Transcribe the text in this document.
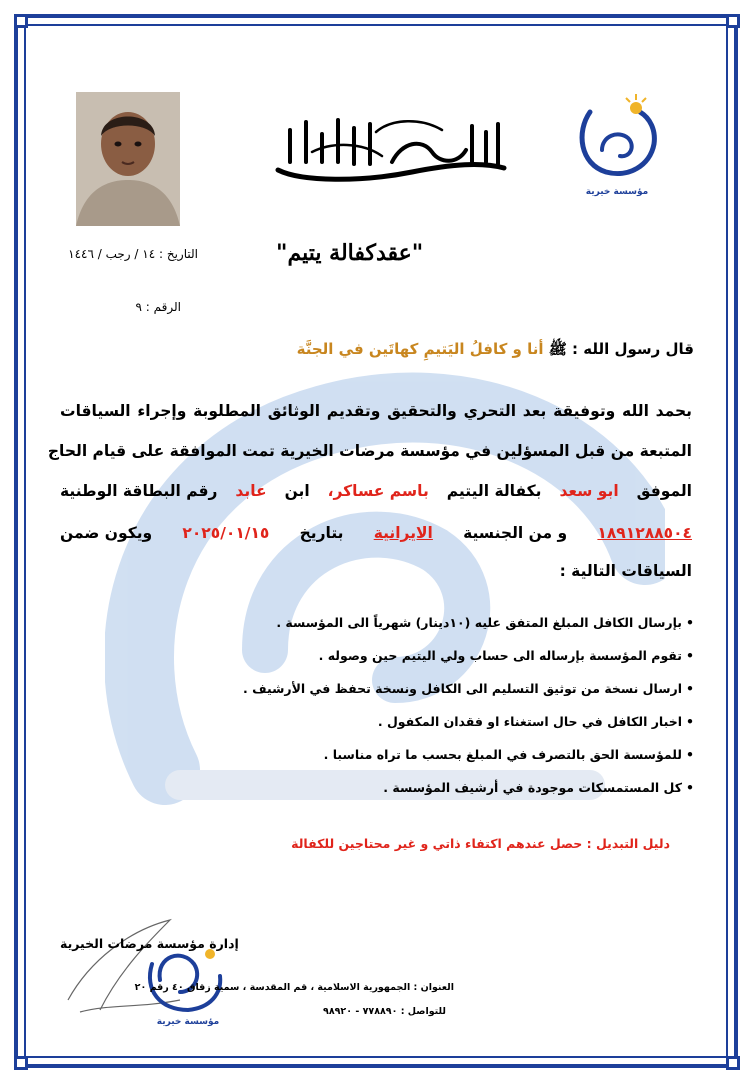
مؤسسة خيرية
التاريخ : ١٤ / رجب / ١٤٤٦	"عقدكفالة يتيم"
الرقم : ٩
قال رسول الله : ﷺ أنا و كافلُ اليَتيمِ كهاتَين في الجنَّة
بحمد الله وتوفيقة بعد التحري والتحقيق وتقديم الوثائق المطلوبة وإجراء السياقات
المتبعة من قبل المسؤلين في مؤسسة مرضات الخيرية تمت الموافقة على قيام الحاج
الموفق
ابو سعد
بكفالة اليتيم
باسم عساكر،
ابن
عابد
رقم البطاقة الوطنية
١٨٩١٢٨٨٥٠٤
و من الجنسية
الايرانية
بتاريخ
٢٠٢٥/٠١/١٥
ويكون ضمن
السياقات التالية :
• بإرسال الكافل المبلغ المتفق عليه (١٠دينار) شهرياً الى المؤسسة .
• تقوم المؤسسة بإرساله الى حساب ولي اليتيم حين وصوله .
• ارسال نسخة من توثيق التسليم الى الكافل ونسخة تحفظ في الأرشيف .
• اخبار الكافل في حال استغناء او فقدان المكفول .
• للمؤسسة الحق بالتصرف في المبلغ بحسب ما تراه مناسبا .
• كل المستمسكات موجودة في أرشيف المؤسسة .
دليل التبديل : حصل عندهم اكتفاء ذاتي و غير محتاجين للكفالة
مؤسسة خيرية
إدارة مؤسسة مرضات الخيرية
العنوان : الجمهورية الاسلامية ، قم المقدسة ، سمية زقاق ٤٠ رقم ٢٠
للتواصل : ٧٧٨٨٩٠ - ٩٨٩٢٠
